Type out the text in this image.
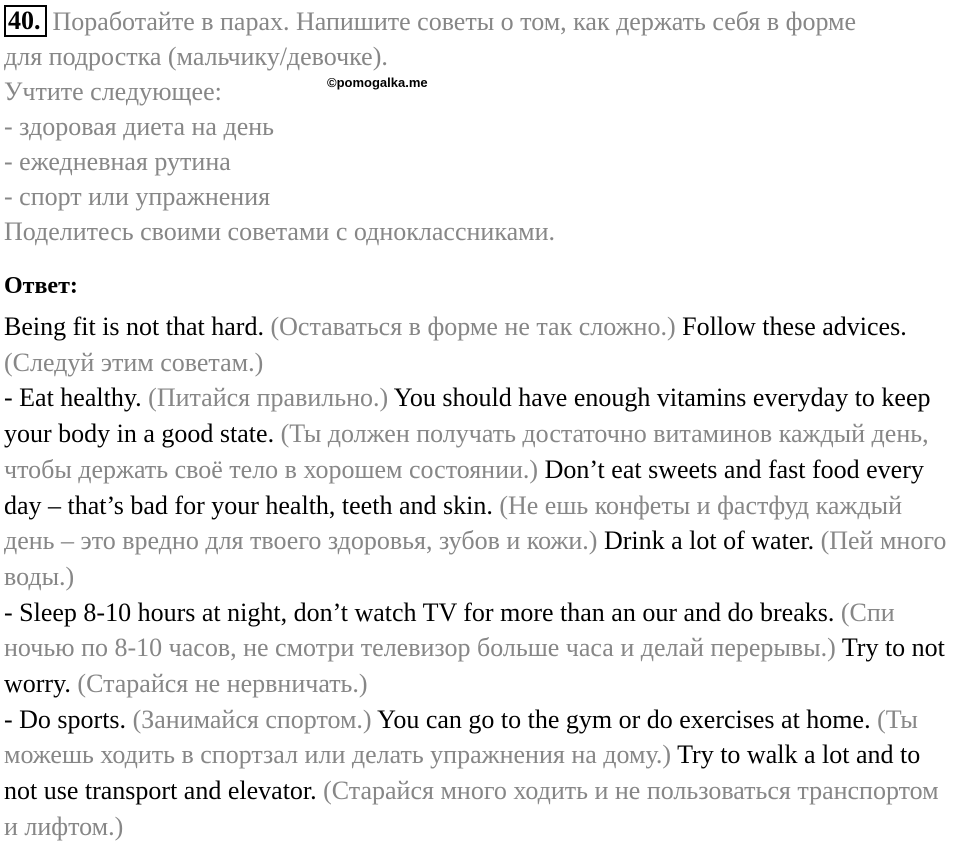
40. Поработайте в парах. Напишите советы о том, как держать себя в форме
для подростка (мальчику/девочке).
Учтите следующее:
- здоровая диета на день
- ежедневная рутина
- спорт или упражнения
Поделитесь своими советами с одноклассниками.
Ответ:
Being fit is not that hard. (Оставаться в форме не так сложно.) Follow these advices. (Следуй этим советам.)
- Eat healthy. (Питайся правильно.) You should have enough vitamins everyday to keep your body in a good state. (Ты должен получать достаточно витаминов каждый день, чтобы держать своё тело в хорошем состоянии.) Don’t eat sweets and fast food every day – that’s bad for your health, teeth and skin. (Не ешь конфеты и фастфуд каждый день – это вредно для твоего здоровья, зубов и кожи.) Drink a lot of water. (Пей много воды.)
- Sleep 8-10 hours at night, don’t watch TV for more than an our and do breaks. (Спи ночью по 8-10 часов, не смотри телевизор больше часа и делай перерывы.) Try to not worry. (Старайся не нервничать.)
- Do sports. (Занимайся спортом.) You can go to the gym or do exercises at home. (Ты можешь ходить в спортзал или делать упражнения на дому.) Try to walk a lot and to not use transport and elevator. (Старайся много ходить и не пользоваться транспортом и лифтом.)
©pomogalka.me
